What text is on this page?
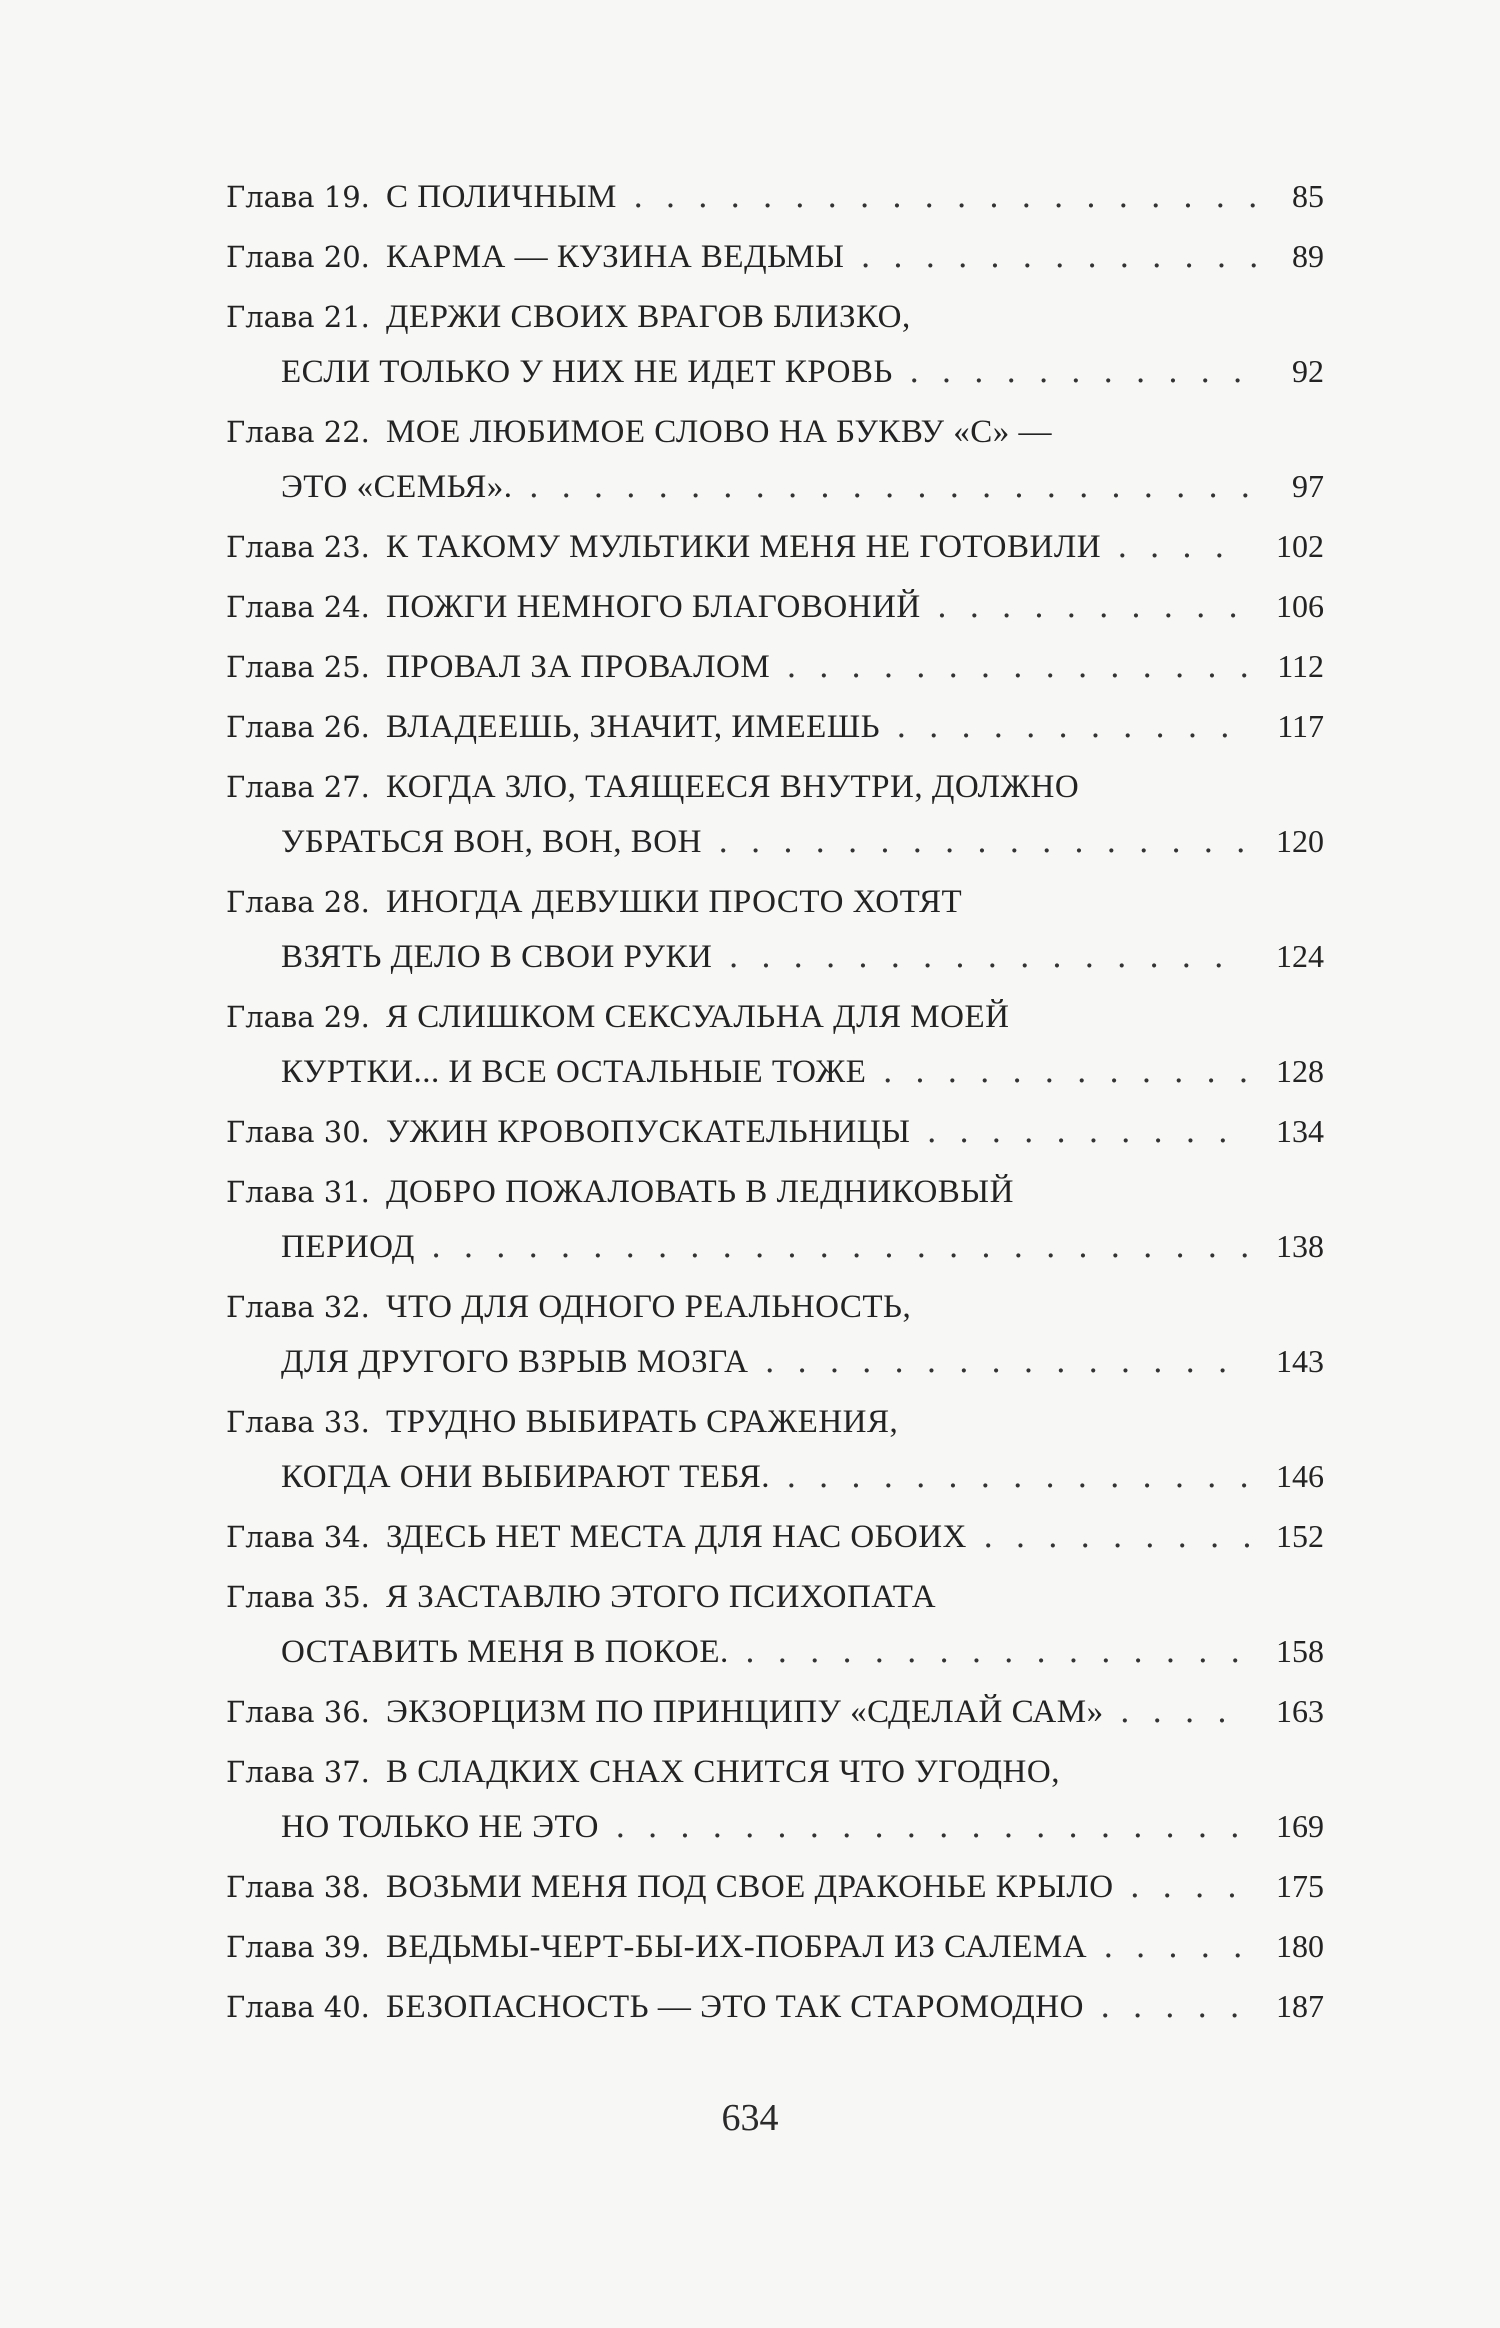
Глава 19. С ПОЛИЧНЫМ . . . . . . . . . . . . . . . . . . . . 85
Глава 20. КАРМА — КУЗИНА ВЕДЬМЫ . . . . . . . . . . . . . 89
Глава 21. ДЕРЖИ СВОИХ ВРАГОВ БЛИЗКО,
ЕСЛИ ТОЛЬКО У НИХ НЕ ИДЕТ КРОВЬ . . . . . . . . . . . 92
Глава 22. МОЕ ЛЮБИМОЕ СЛОВО НА БУКВУ «С» —
ЭТО «СЕМЬЯ». . . . . . . . . . . . . . . . . . . . . . . . 97
Глава 23. К ТАКОМУ МУЛЬТИКИ МЕНЯ НЕ ГОТОВИЛИ . . . . 102
Глава 24. ПОЖГИ НЕМНОГО БЛАГОВОНИЙ . . . . . . . . . . 106
Глава 25. ПРОВАЛ ЗА ПРОВАЛОМ . . . . . . . . . . . . . . . 112
Глава 26. ВЛАДЕЕШЬ, ЗНАЧИТ, ИМЕЕШЬ . . . . . . . . . . . 117
Глава 27. КОГДА ЗЛО, ТАЯЩЕЕСЯ ВНУТРИ, ДОЛЖНО
УБРАТЬСЯ ВОН, ВОН, ВОН . . . . . . . . . . . . . . . . . 120
Глава 28. ИНОГДА ДЕВУШКИ ПРОСТО ХОТЯТ
ВЗЯТЬ ДЕЛО В СВОИ РУКИ . . . . . . . . . . . . . . . . 124
Глава 29. Я СЛИШКОМ СЕКСУАЛЬНА ДЛЯ МОЕЙ
КУРТКИ... И ВСЕ ОСТАЛЬНЫЕ ТОЖЕ . . . . . . . . . . . . 128
Глава 30. УЖИН КРОВОПУСКАТЕЛЬНИЦЫ . . . . . . . . . . 134
Глава 31. ДОБРО ПОЖАЛОВАТЬ В ЛЕДНИКОВЫЙ
ПЕРИОД . . . . . . . . . . . . . . . . . . . . . . . . . . 138
Глава 32. ЧТО ДЛЯ ОДНОГО РЕАЛЬНОСТЬ,
ДЛЯ ДРУГОГО ВЗРЫВ МОЗГА . . . . . . . . . . . . . . . 143
Глава 33. ТРУДНО ВЫБИРАТЬ СРАЖЕНИЯ,
КОГДА ОНИ ВЫБИРАЮТ ТЕБЯ. . . . . . . . . . . . . . . . 146
Глава 34. ЗДЕСЬ НЕТ МЕСТА ДЛЯ НАС ОБОИХ . . . . . . . . . 152
Глава 35. Я ЗАСТАВЛЮ ЭТОГО ПСИХОПАТА
ОСТАВИТЬ МЕНЯ В ПОКОЕ. . . . . . . . . . . . . . . . . 158
Глава 36. ЭКЗОРЦИЗМ ПО ПРИНЦИПУ «СДЕЛАЙ САМ» . . . . 163
Глава 37. В СЛАДКИХ СНАХ СНИТСЯ ЧТО УГОДНО,
НО ТОЛЬКО НЕ ЭТО . . . . . . . . . . . . . . . . . . . . 169
Глава 38. ВОЗЬМИ МЕНЯ ПОД СВОЕ ДРАКОНЬЕ КРЫЛО . . . . 175
Глава 39. ВЕДЬМЫ-ЧЕРТ-БЫ-ИХ-ПОБРАЛ ИЗ САЛЕМА . . . . . 180
Глава 40. БЕЗОПАСНОСТЬ — ЭТО ТАК СТАРОМОДНО . . . . . 187
634
